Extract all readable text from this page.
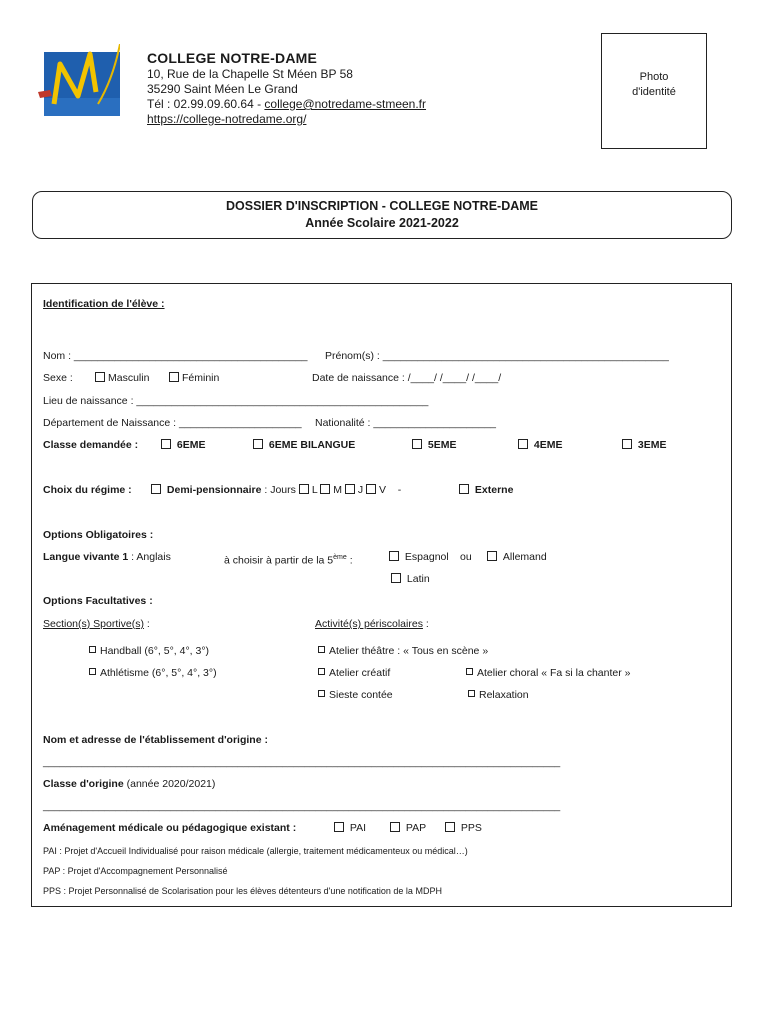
ST-MEEN LE GRAND
COLLEGE NOTRE-DAME
10, Rue de la Chapelle St Méen BP 58
35290 Saint Méen Le Grand
Tél : 02.99.09.60.64 - college@notredame-stmeen.fr
https://college-notredame.org/
Photo
d'identité
DOSSIER D'INSCRIPTION - COLLEGE NOTRE-DAME
Année Scolaire 2021-2022
Identification de l'élève :
Nom : ________________________________________ Prénom(s) : _________________________________________________
Sexe :	Masculin	Féminin	Date de naissance : /____/ /____/ /____/
Lieu de naissance : __________________________________________________
Département de Naissance : _____________________ Nationalité : _____________________
Classe demandée :	6EME	6EME BILANGUE	5EME	4EME	3EME
Choix du régime :	Demi-pensionnaire : Jours L M J V -	Externe
Options Obligatoires :
Langue vivante 1 : Anglais	à choisir à partir de la 5ème :	Espagnol ou	Allemand
Latin
Options Facultatives :
Section(s) Sportive(s) :	Activité(s) périscolaires :
Handball (6°, 5°, 4°, 3°)	Atelier théâtre : « Tous en scène »
Athlétisme (6°, 5°, 4°, 3°)	Atelier créatif	Atelier choral « Fa si la chanter »
Sieste contée	Relaxation
Nom et adresse de l'établissement d'origine :
_____________________________________________________________________________________________
Classe d'origine (année 2020/2021)
_____________________________________________________________________________________________
Aménagement médicale ou pédagogique existant :	PAI	PAP	PPS
PAI : Projet d'Accueil Individualisé pour raison médicale (allergie, traitement médicamenteux ou médical…)
PAP : Projet d'Accompagnement Personnalisé
PPS : Projet Personnalisé de Scolarisation pour les élèves détenteurs d'une notification de la MDPH
